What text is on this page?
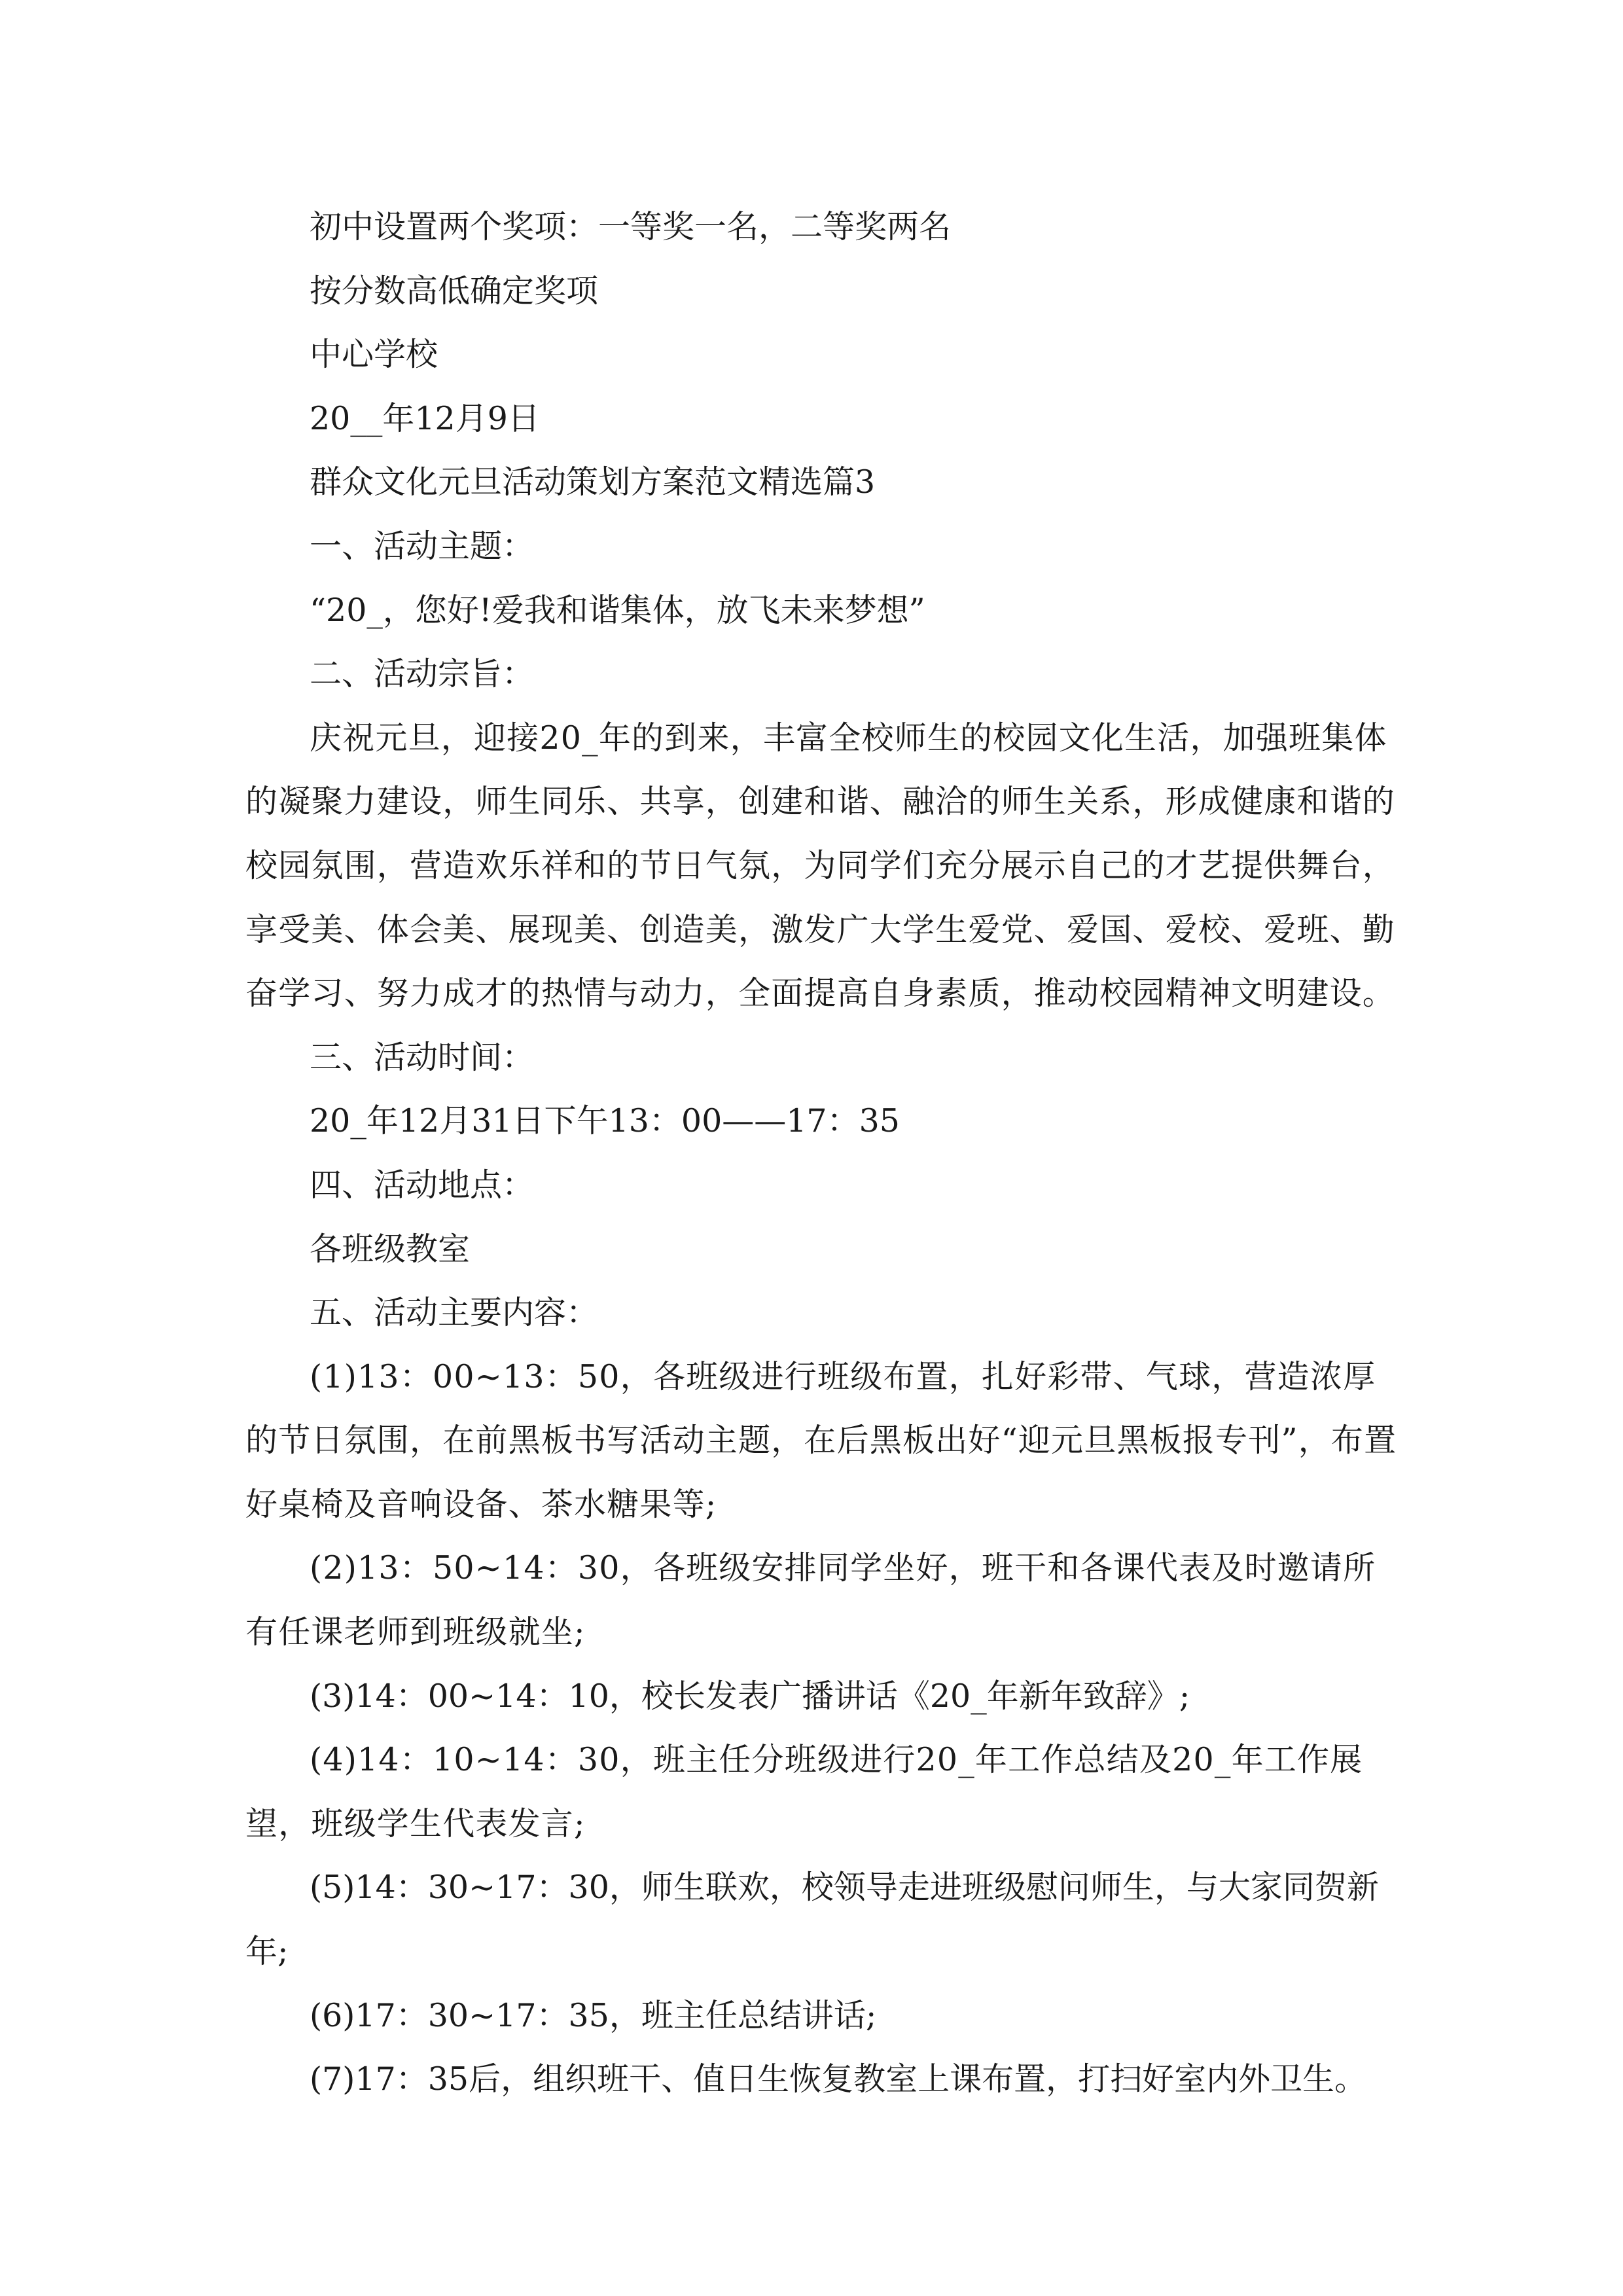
初中设置两个奖项：一等奖一名，二等奖两名

按分数高低确定奖项

中心学校

20__年12月9日

群众文化元旦活动策划方案范文精选篇3

一、活动主题：

“20_，您好!爱我和谐集体，放飞未来梦想”

二、活动宗旨：

庆祝元旦，迎接20_年的到来，丰富全校师生的校园文化生活，加强班集体的凝聚力建设，师生同乐、共享，创建和谐、融洽的师生关系，形成健康和谐的校园氛围，营造欢乐祥和的节日气氛，为同学们充分展示自己的才艺提供舞台，享受美、体会美、展现美、创造美，激发广大学生爱党、爱国、爱校、爱班、勤奋学习、努力成才的热情与动力，全面提高自身素质，推动校园精神文明建设。

三、活动时间：

20_年12月31日下午13：00——17：35

四、活动地点：

各班级教室

五、活动主要内容：

(1)13：00~13：50，各班级进行班级布置，扎好彩带、气球，营造浓厚的节日氛围，在前黑板书写活动主题，在后黑板出好“迎元旦黑板报专刊”，布置好桌椅及音响设备、茶水糖果等;

(2)13：50~14：30，各班级安排同学坐好，班干和各课代表及时邀请所有任课老师到班级就坐;

(3)14：00~14：10，校长发表广播讲话《20_年新年致辞》;

(4)14：10~14：30，班主任分班级进行20_年工作总结及20_年工作展望，班级学生代表发言;

(5)14：30~17：30，师生联欢，校领导走进班级慰问师生，与大家同贺新年;

(6)17：30~17：35，班主任总结讲话;

(7)17：35后，组织班干、值日生恢复教室上课布置，打扫好室内外卫生。
